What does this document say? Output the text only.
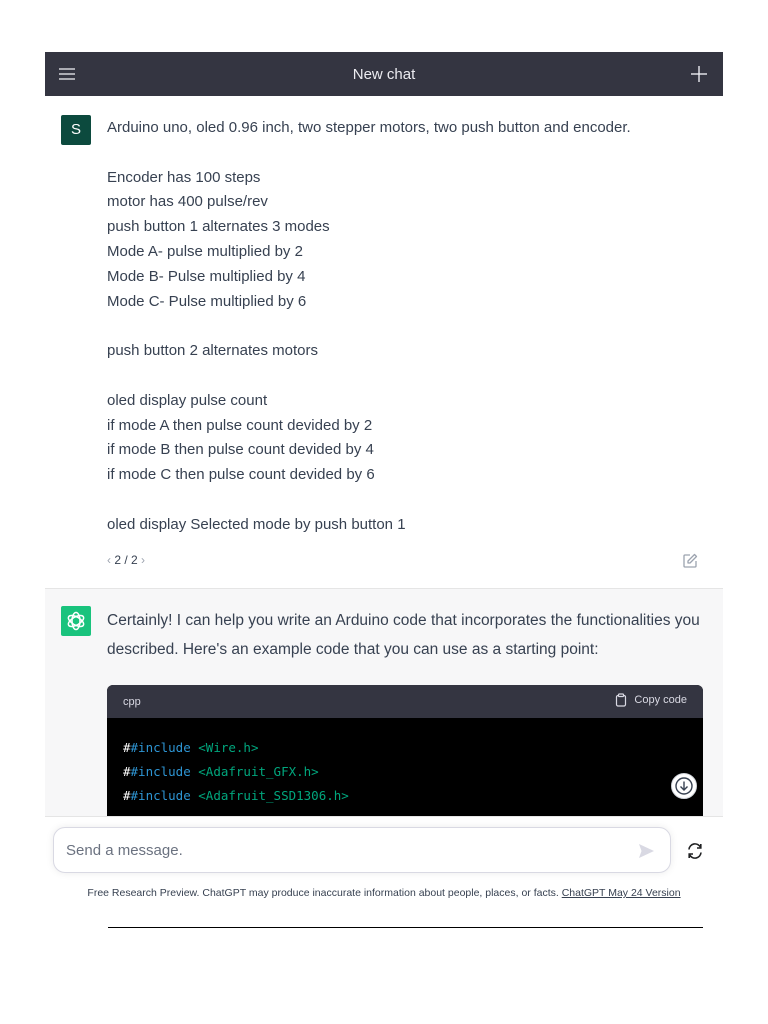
New chat
S	Arduino uno, oled 0.96 inch, two stepper motors, two push button and encoder.

Encoder has 100 steps
motor has 400 pulse/rev
push button 1 alternates 3 modes
Mode A- pulse multiplied by 2
Mode B- Pulse multiplied by 4
Mode C- Pulse multiplied by 6

push button 2 alternates motors

oled display pulse count
if mode A then pulse count devided by 2
if mode B then pulse count devided by 4
if mode C then pulse count devided by 6

oled display Selected mode by push button 1
‹ 2 / 2 ›
Certainly! I can help you write an Arduino code that incorporates the functionalities you described. Here's an example code that you can use as a starting point:
cpp	Copy code
##include <Wire.h>
##include <Adafruit_GFX.h>
##include <Adafruit_SSD1306.h>
Send a message.
Free Research Preview. ChatGPT may produce inaccurate information about people, places, or facts. ChatGPT May 24 Version
